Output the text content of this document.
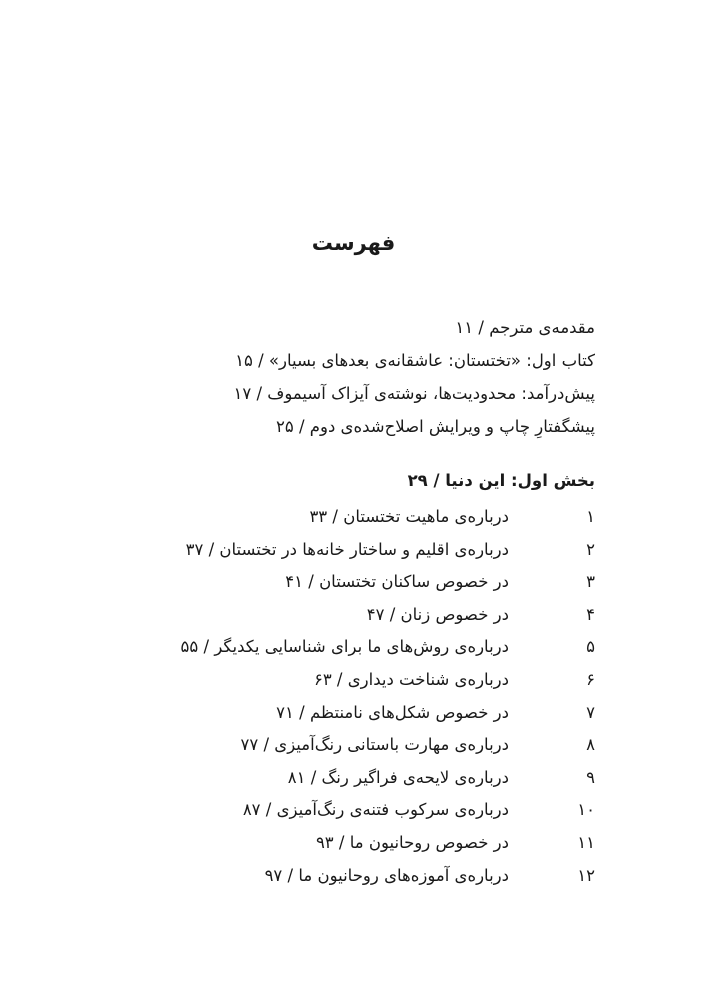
فهرست
مقدمه‌ی مترجم / ۱۱
کتاب اول: «تختستان: عاشقانه‌ی بعدهای بسیار» / ۱۵
پیش‌درآمد: محدودیت‌ها، نوشته‌ی آیزاک آسیموف / ۱۷
پیشگفتارِ چاپ و ویرایش اصلاح‌شده‌ی دوم / ۲۵
بخش اول: این دنیا / ۲۹
۱
درباره‌ی ماهیت تختستان / ۳۳
۲
درباره‌ی اقلیم و ساختار خانه‌ها در تختستان / ۳۷
۳
در خصوص ساکنان تختستان / ۴۱
۴
در خصوص زنان / ۴۷
۵
درباره‌ی روش‌های ما برای شناسایی یکدیگر / ۵۵
۶
درباره‌ی شناخت دیداری / ۶۳
۷
در خصوص شکل‌های نامنتظم / ۷۱
۸
درباره‌ی مهارت باستانی رنگ‌آمیزی / ۷۷
۹
درباره‌ی لایحه‌ی فراگیر رنگ / ۸۱
۱۰
درباره‌ی سرکوب فتنه‌ی رنگ‌آمیزی / ۸۷
۱۱
در خصوص روحانیون ما / ۹۳
۱۲
درباره‌ی آموزه‌های روحانیون ما / ۹۷
